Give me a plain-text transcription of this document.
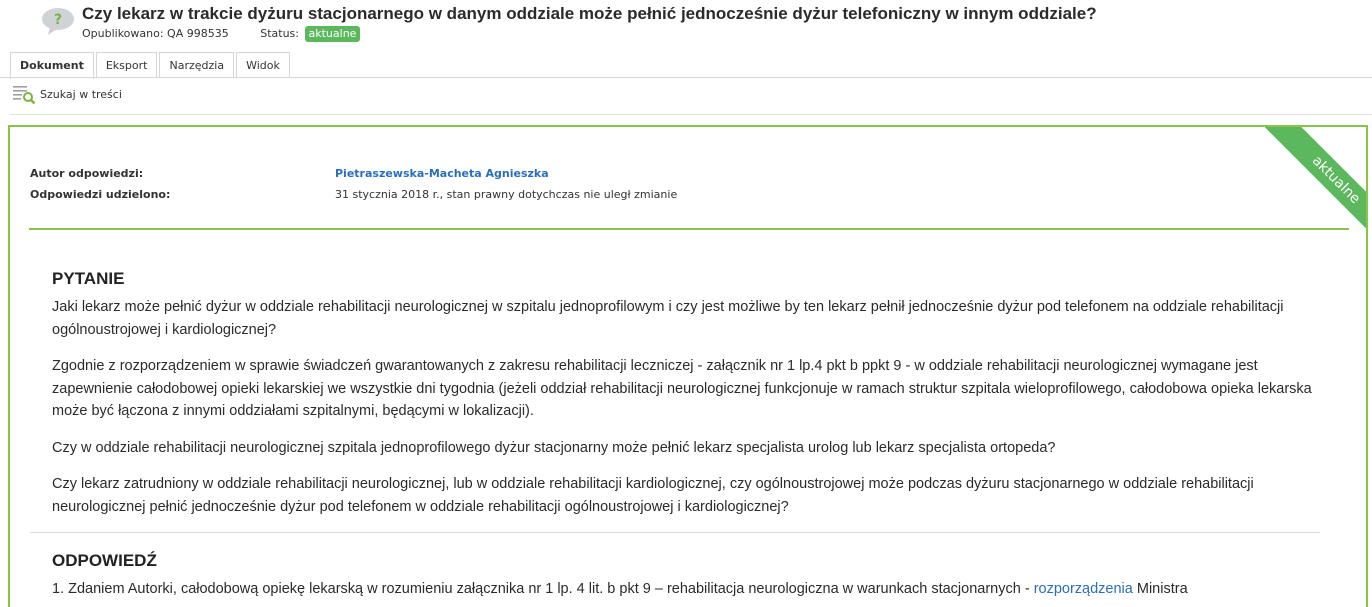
? Czy lekarz w trakcie dyżuru stacjonarnego w danym oddziale może pełnić jednocześnie dyżur telefoniczny w innym oddziale?
Opublikowano: QA 998535	Status: aktualne
Dokument	Eksport	Narzędzia	Widok
Szukaj w treści
aktualne
Autor odpowiedzi:	Pietraszewska-Macheta Agnieszka
Odpowiedzi udzielono:	31 stycznia 2018 r., stan prawny dotychczas nie uległ zmianie
PYTANIE

Jaki lekarz może pełnić dyżur w oddziale rehabilitacji neurologicznej w szpitalu jednoprofilowym i czy jest możliwe by ten lekarz pełnił jednocześnie dyżur pod telefonem na oddziale rehabilitacji ogólnoustrojowej i kardiologicznej?

Zgodnie z rozporządzeniem w sprawie świadczeń gwarantowanych z zakresu rehabilitacji leczniczej - załącznik nr 1 lp.4 pkt b ppkt 9 - w oddziale rehabilitacji neurologicznej wymagane jest zapewnienie całodobowej opieki lekarskiej we wszystkie dni tygodnia (jeżeli oddział rehabilitacji neurologicznej funkcjonuje w ramach struktur szpitala wieloprofilowego, całodobowa opieka lekarska może być łączona z innymi oddziałami szpitalnymi, będącymi w lokalizacji).

Czy w oddziale rehabilitacji neurologicznej szpitala jednoprofilowego dyżur stacjonarny może pełnić lekarz specjalista urolog lub lekarz specjalista ortopeda?

Czy lekarz zatrudniony w oddziale rehabilitacji neurologicznej, lub w oddziale rehabilitacji kardiologicznej, czy ogólnoustrojowej może podczas dyżuru stacjonarnego w oddziale rehabilitacji neurologicznej pełnić jednocześnie dyżur pod telefonem w oddziale rehabilitacji ogólnoustrojowej i kardiologicznej?

ODPOWIEDŹ

1. Zdaniem Autorki, całodobową opiekę lekarską w rozumieniu załącznika nr 1 lp. 4 lit. b pkt 9 – rehabilitacja neurologiczna w warunkach stacjonarnych - rozporządzenia Ministra
